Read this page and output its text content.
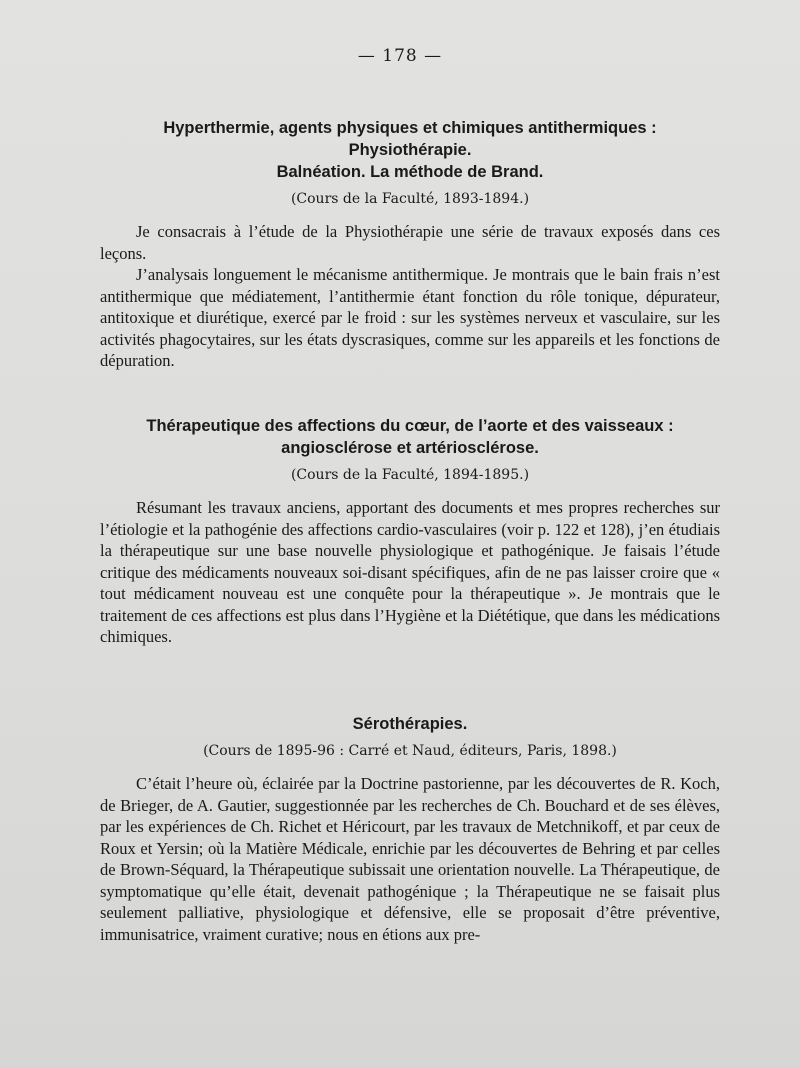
— 178 —

Hyperthermie, agents physiques et chimiques antithermiques : Physiothérapie.

Balnéation. La méthode de Brand.

(Cours de la Faculté, 1893-1894.)

Je consacrais à l’étude de la Physiothérapie une série de travaux exposés dans ces leçons.

J’analysais longuement le mécanisme antithermique. Je montrais que le bain frais n’est antithermique que médiatement, l’antithermie étant fonction du rôle tonique, dépurateur, antitoxique et diurétique, exercé par le froid : sur les systèmes nerveux et vasculaire, sur les activités phagocytaires, sur les états dyscrasiques, comme sur les appareils et les fonctions de dépuration.

Thérapeutique des affections du cœur, de l’aorte et des vaisseaux :

angiosclérose et artériosclérose.

(Cours de la Faculté, 1894-1895.)

Résumant les travaux anciens, apportant des documents et mes propres recherches sur l’étiologie et la pathogénie des affections cardio-vasculaires (voir p. 122 et 128), j’en étudiais la thérapeutique sur une base nouvelle physiologique et pathogénique. Je faisais l’étude critique des médicaments nouveaux soi-disant spécifiques, afin de ne pas laisser croire que « tout médicament nouveau est une conquête pour la thérapeutique ». Je montrais que le traitement de ces affections est plus dans l’Hygiène et la Diététique, que dans les médications chimiques.

Sérothérapies.

(Cours de 1895-96 : Carré et Naud, éditeurs, Paris, 1898.)

C’était l’heure où, éclairée par la Doctrine pastorienne, par les découvertes de R. Koch, de Brieger, de A. Gautier, suggestionnée par les recherches de Ch. Bouchard et de ses élèves, par les expériences de Ch. Richet et Héricourt, par les travaux de Metchnikoff, et par ceux de Roux et Yersin; où la Matière Médicale, enrichie par les découvertes de Behring et par celles de Brown-Séquard, la Thérapeutique subissait une orientation nouvelle. La Thérapeutique, de symptomatique qu’elle était, devenait pathogénique ; la Thérapeutique ne se faisait plus seulement palliative, physiologique et défensive, elle se proposait d’être préventive, immunisatrice, vraiment curative; nous en étions aux pre-
